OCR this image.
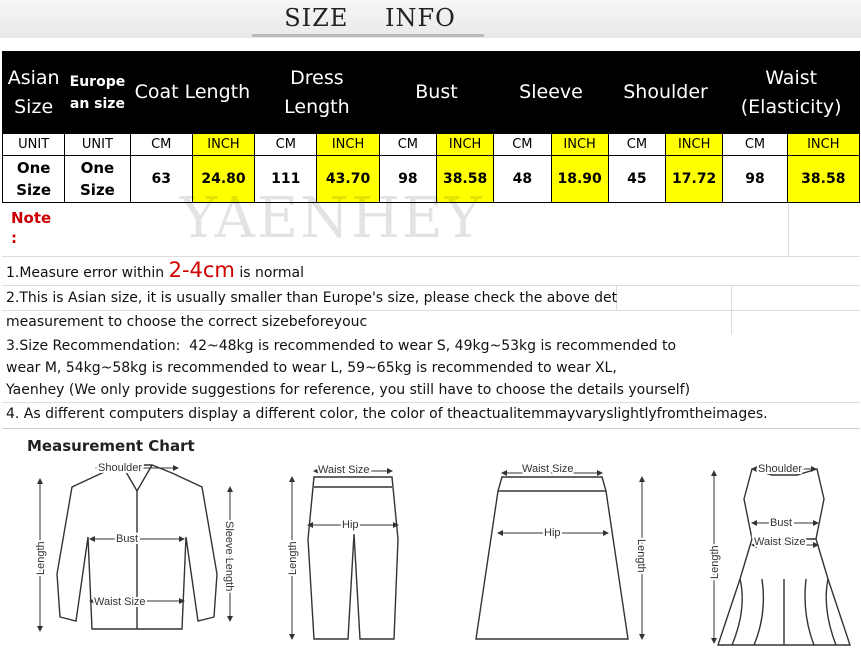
SIZE INFO
Asian Size	Europe an size	Coat Length		Dress Length		Bust		Sleeve		Shoulder		Waist (Elasticity)	
UNIT	UNIT	CM	INCH	CM	INCH	CM	INCH	CM	INCH	CM	INCH	CM	INCH
One Size	One Size	63	24.80	111	43.70	98	38.58	48	18.90	45	17.72	98	38.58
Note :
1.Measure error within 2-4cm is normal
2.This is Asian size, it is usually smaller than Europe's size, please check the above det
measurement to choose the correct sizebeforeyouc
3.Size Recommendation:  42~48kg is recommended to wear S, 49kg~53kg is recommended to
wear M, 54kg~58kg is recommended to wear L, 59~65kg is recommended to wear XL,
Yaenhey (We only provide suggestions for reference, you still have to choose the details yourself)
4. As different computers display a different color, the color of theactualitemmayvaryslightlyfromtheimages.
YAENHEY
Measurement Chart
Shoulder
Bust
Waist Size
Length	Sleeve Length
Waist Size
Hip
Length
Waist Size
Hip
Length
Shoulder
Bust
Waist Size
Length
